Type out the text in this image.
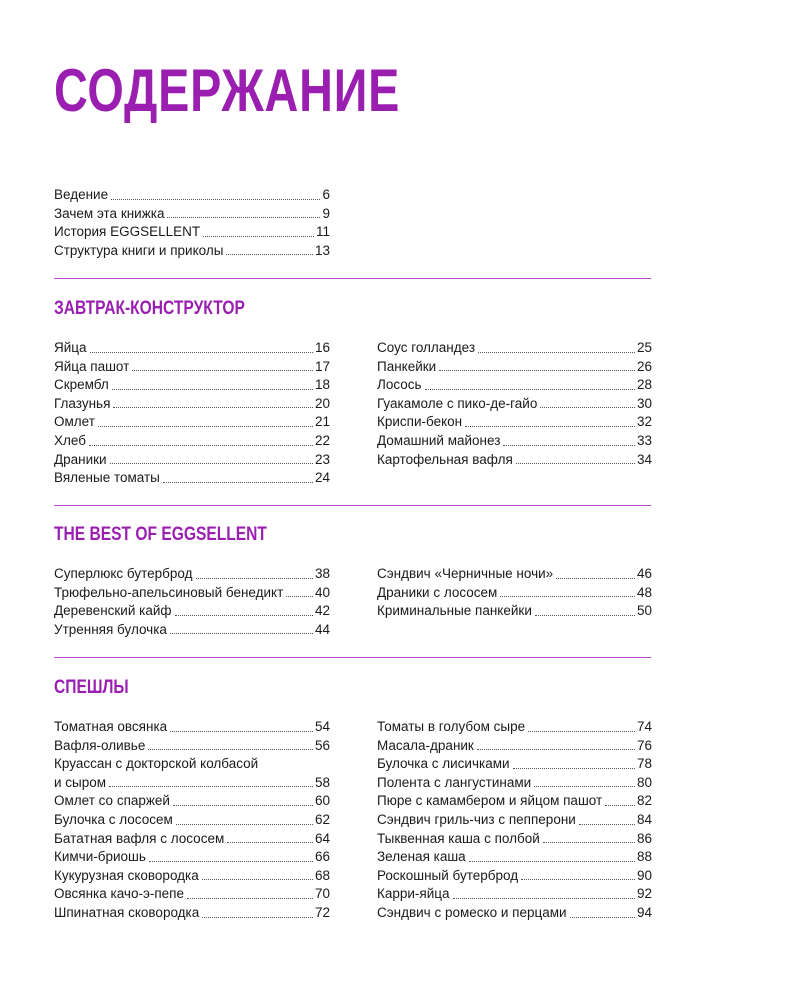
СОДЕРЖАНИЕ
Ведение	6
Зачем эта книжка	9
История EGGSELLENT	11
Структура книги и приколы	13
ЗАВТРАК-КОНСТРУКТОР
Яйца	16
Яйца пашот	17
Скрембл	18
Глазунья	20
Омлет	21
Хлеб	22
Драники	23
Вяленые томаты	24
Соус голландез	25
Панкейки	26
Лосось	28
Гуакамоле с пико-де-гайо	30
Криспи-бекон	32
Домашний майонез	33
Картофельная вафля	34
THE BEST OF EGGSELLENT
Суперлюкс бутерброд	38
Трюфельно-апельсиновый бенедикт 40
Деревенский кайф	42
Утренняя булочка	44
Сэндвич «Черничные ночи»	46
Драники с лососем	48
Криминальные панкейки	50
СПЕШЛЫ
Томатная овсянка	54
Вафля-оливье	56
Круассан с докторской колбасой
и сыром	58
Омлет со спаржей	60
Булочка с лососем	62
Батaтная вафля с лососем	64
Кимчи-бриошь	66
Кукурузная сковородка	68
Овсянка качо-э-пепе	70
Шпинатная сковородка	72
Томаты в голубом сыре	74
Масала-драник	76
Булочка с лисичками	78
Полента с лангустинами	80
Пюре с камамбером и яйцом пашот	82
Сэндвич гриль-чиз с пепперони	84
Тыквенная каша с полбой	86
Зеленая каша	88
Роскошный бутерброд	90
Карри-яйца	92
Сэндвич с ромеско и перцами	94
